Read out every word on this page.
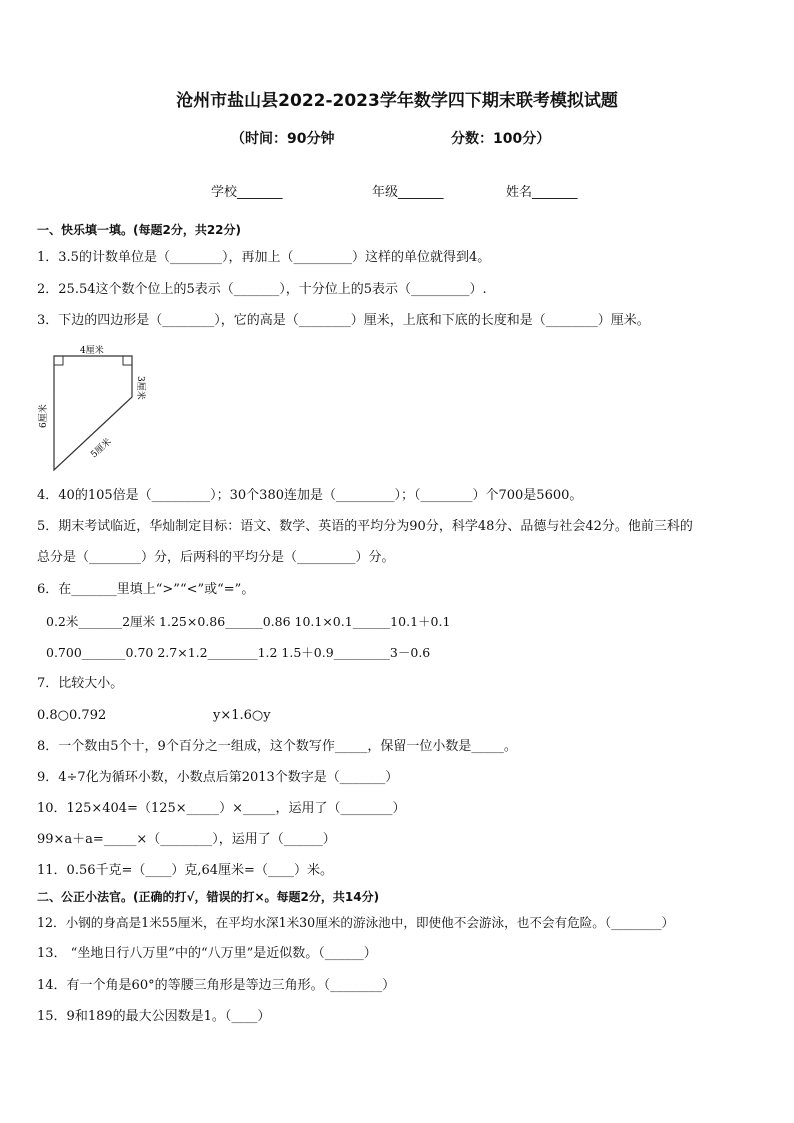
沧州市盐山县2022-2023学年数学四下期末联考模拟试题
（时间：90分钟	分数：100分）
学校_______	年级_______	姓名_______
一、快乐填一填。(每题2分，共22分)
1．3.5的计数单位是（________），再加上（_________）这样的单位就得到4。
2．25.54这个数个位上的5表示（_______），十分位上的5表示（_________）.
3．下边的四边形是（________），它的高是（________）厘米，上底和下底的长度和是（________）厘米。
4厘米
3厘米
6厘米
5厘米
4．40的105倍是（_________）；30个380连加是（_________）；（________）个700是5600。
5．期末考试临近，华灿制定目标：语文、数学、英语的平均分为90分，科学48分、品德与社会42分。他前三科的
总分是（________）分，后两科的平均分是（_________）分。
6．在_______里填上“>”“<”或“=”。
0.2米_______2厘米 1.25×0.86______0.86 10.1×0.1______10.1＋0.1
0.700_______0.70 2.7×1.2________1.2 1.5＋0.9_________3－0.6
7．比较大小。
0.8○0.792	y×1.6○y
8．一个数由5个十，9个百分之一组成，这个数写作_____，保留一位小数是_____。
9．4÷7化为循环小数，小数点后第2013个数字是（_______）
10．125×404=（125×_____）×_____，运用了（________）
99×a＋a=_____×（________），运用了（______）
11．0.56千克=（____）克,64厘米=（____）米。
二、公正小法官。(正确的打√，错误的打×。每题2分，共14分)
12．小钢的身高是1米55厘米，在平均水深1米30厘米的游泳池中，即使他不会游泳，也不会有危险。（________）
13． “坐地日行八万里”中的“八万里”是近似数。（______）
14．有一个角是60°的等腰三角形是等边三角形。（________）
15．9和189的最大公因数是1。（____）
